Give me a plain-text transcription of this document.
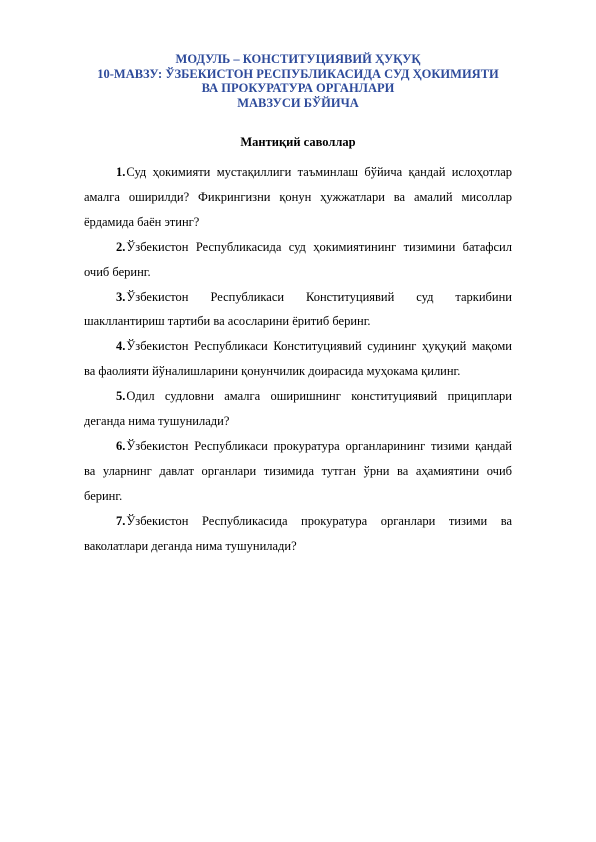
МОДУЛЬ – КОНСТИТУЦИЯВИЙ ҲУҚУҚ
10-МАВЗУ: ЎЗБЕКИСТОН РЕСПУБЛИКАСИДА СУД ҲОКИМИЯТИ
ВА ПРОКУРАТУРА ОРГАНЛАРИ
МАВЗУСИ БЎЙИЧА
Мантиқий саволлар

1. Суд ҳокимияти мустақиллиги таъминлаш бўйича қандай ислоҳотлар амалга оширилди? Фикрингизни қонун ҳужжатлари ва амалий мисоллар ёрдамида баён этинг?

2. Ўзбекистон Республикасида суд ҳокимиятининг тизимини батафсил очиб беринг.

3. Ўзбекистон Республикаси Конституциявий суд таркибини шакллантириш тартиби ва асосларини ёритиб беринг.

4. Ўзбекистон Республикаси Конституциявий судининг ҳуқуқий мақоми ва фаолияти йўналишларини қонунчилик доирасида муҳокама қилинг.

5. Одил судловни амалга оширишнинг конституциявий прициплари деганда нима тушунилади?

6. Ўзбекистон Республикаси прокуратура органларининг тизими қандай ва уларнинг давлат органлари тизимида тутган ўрни ва аҳамиятини очиб беринг.

7. Ўзбекистон Республикасида прокуратура органлари тизими ва ваколатлари деганда нима тушунилади?
